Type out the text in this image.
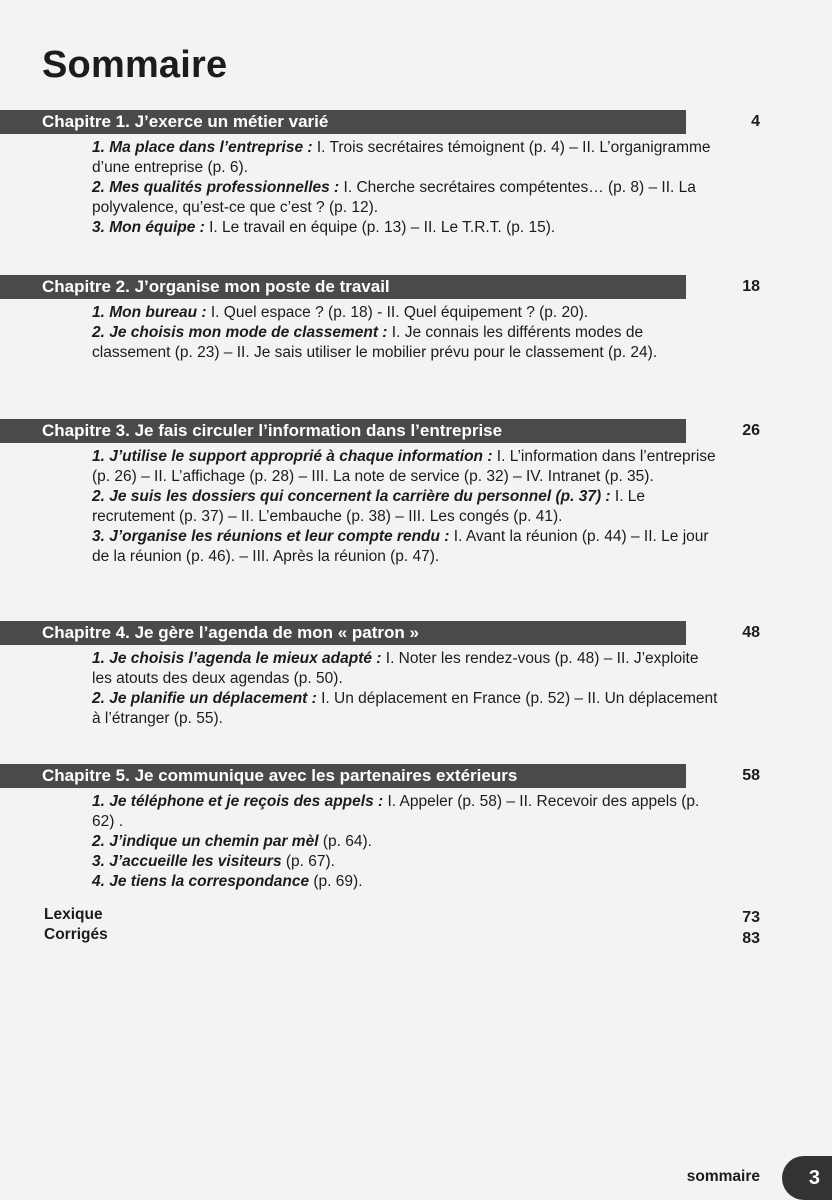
Sommaire
Chapitre 1. J’exerce un métier varié	4

1. Ma place dans l’entreprise : I. Trois secrétaires témoignent (p. 4) – II. L’organigramme d’une entreprise (p. 6).

2. Mes qualités professionnelles : I. Cherche secrétaires compétentes… (p. 8) – II. La polyvalence, qu’est-ce que c’est ? (p. 12).

3. Mon équipe : I. Le travail en équipe (p. 13) – II. Le T.R.T. (p. 15).

Chapitre 2. J’organise mon poste de travail	18

1. Mon bureau : I. Quel espace ? (p. 18) - II. Quel équipement ? (p. 20).

2. Je choisis mon mode de classement : I. Je connais les différents modes de classement (p. 23) – II. Je sais utiliser le mobilier prévu pour le classement (p. 24).

Chapitre 3. Je fais circuler l’information dans l’entreprise	26

1. J’utilise le support approprié à chaque information : I. L’information dans l’entreprise (p. 26) – II. L’affichage (p. 28) – III. La note de service (p. 32) – IV. Intranet (p. 35).

2. Je suis les dossiers qui concernent la carrière du personnel (p. 37) : I. Le recrutement (p. 37) – II. L’embauche (p. 38) – III. Les congés (p. 41).

3. J’organise les réunions et leur compte rendu : I. Avant la réunion (p. 44) – II. Le jour de la réunion (p. 46). – III. Après la réunion (p. 47).

Chapitre 4. Je gère l’agenda de mon « patron »	48

1. Je choisis l’agenda le mieux adapté : I. Noter les rendez-vous (p. 48) – II. J’exploite les atouts des deux agendas (p. 50).

2. Je planifie un déplacement : I. Un déplacement en France (p. 52) – II. Un déplacement à l’étranger (p. 55).

Chapitre 5. Je communique avec les partenaires extérieurs	58

1. Je téléphone et je reçois des appels : I. Appeler (p. 58) – II. Recevoir des appels (p. 62) .

2. J’indique un chemin par mèl (p. 64).

3. J’accueille les visiteurs (p. 67).

4. Je tiens la correspondance (p. 69).

Lexique	73
Corrigés	83
sommaire	3
